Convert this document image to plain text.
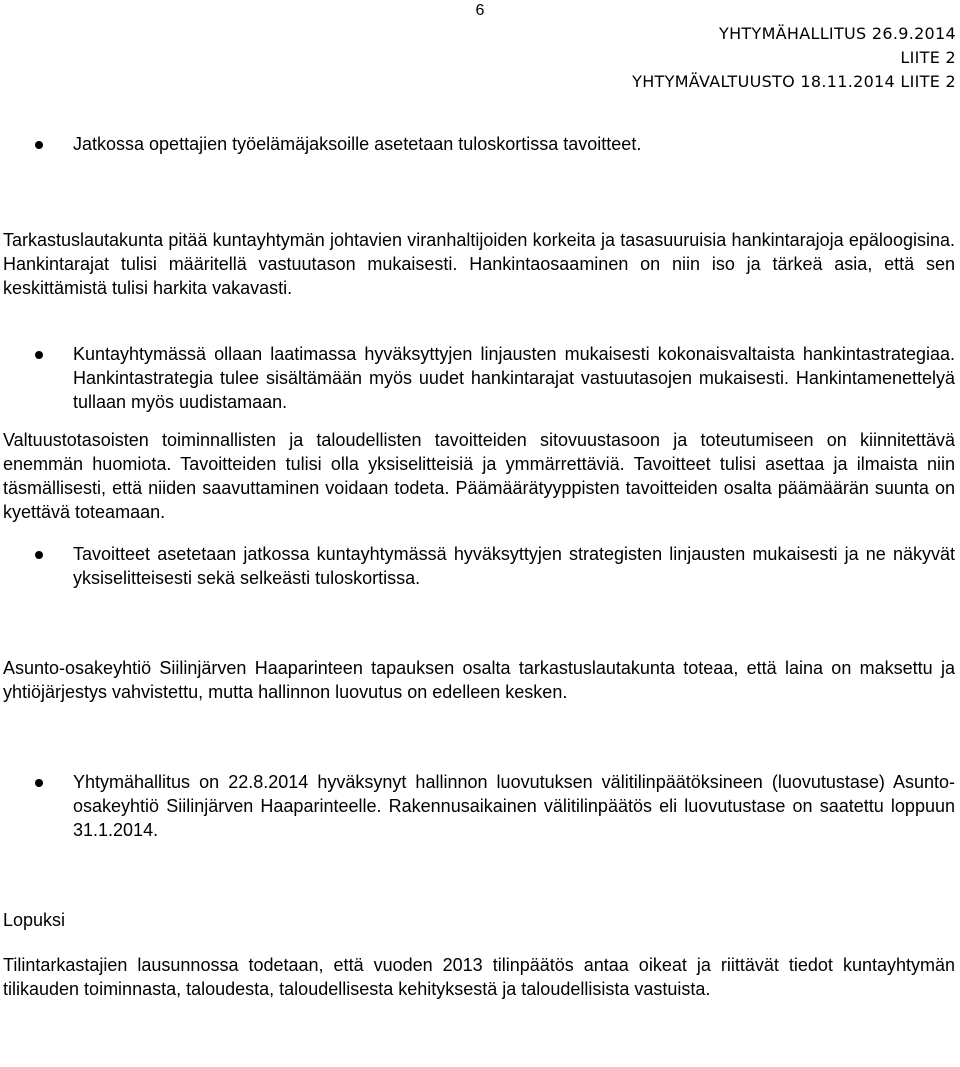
6
YHTYMÄHALLITUS 26.9.2014
LIITE 2
YHTYMÄVALTUUSTO 18.11.2014 LIITE 2
Jatkossa opettajien työelämäjaksoille asetetaan tuloskortissa tavoitteet.

Tarkastuslautakunta pitää kuntayhtymän johtavien viranhaltijoiden korkeita ja tasasuuruisia hankintarajoja epäloogisina. Hankintarajat tulisi määritellä vastuutason mukaisesti. Hankintaosaaminen on niin iso ja tärkeä asia, että sen keskittämistä tulisi harkita vakavasti.

Kuntayhtymässä ollaan laatimassa hyväksyttyjen linjausten mukaisesti kokonaisvaltaista hankintastrategiaa. Hankintastrategia tulee sisältämään myös uudet hankintarajat vastuutasojen mukaisesti. Hankintamenettelyä tullaan myös uudistamaan.

Valtuustotasoisten toiminnallisten ja taloudellisten tavoitteiden sitovuustasoon ja toteutumiseen on kiinnitettävä enemmän huomiota. Tavoitteiden tulisi olla yksiselitteisiä ja ymmärrettäviä. Tavoitteet tulisi asettaa ja ilmaista niin täsmällisesti, että niiden saavuttaminen voidaan todeta. Päämäärätyyppisten tavoitteiden osalta päämäärän suunta on kyettävä toteamaan.

Tavoitteet asetetaan jatkossa kuntayhtymässä hyväksyttyjen strategisten linjausten mukaisesti ja ne näkyvät yksiselitteisesti sekä selkeästi tuloskortissa.

Asunto-osakeyhtiö Siilinjärven Haaparinteen tapauksen osalta tarkastuslautakunta toteaa, että laina on maksettu ja yhtiöjärjestys vahvistettu, mutta hallinnon luovutus on edelleen kesken.

Yhtymähallitus on 22.8.2014 hyväksynyt hallinnon luovutuksen välitilinpäätöksineen (luovutustase) Asunto-osakeyhtiö Siilinjärven Haaparinteelle. Rakennusaikainen välitilinpäätös eli luovutustase on saatettu loppuun 31.1.2014.

Lopuksi

Tilintarkastajien lausunnossa todetaan, että vuoden 2013 tilinpäätös antaa oikeat ja riittävät tiedot kuntayhtymän tilikauden toiminnasta, taloudesta, taloudellisesta kehityksestä ja taloudellisista vastuista.
